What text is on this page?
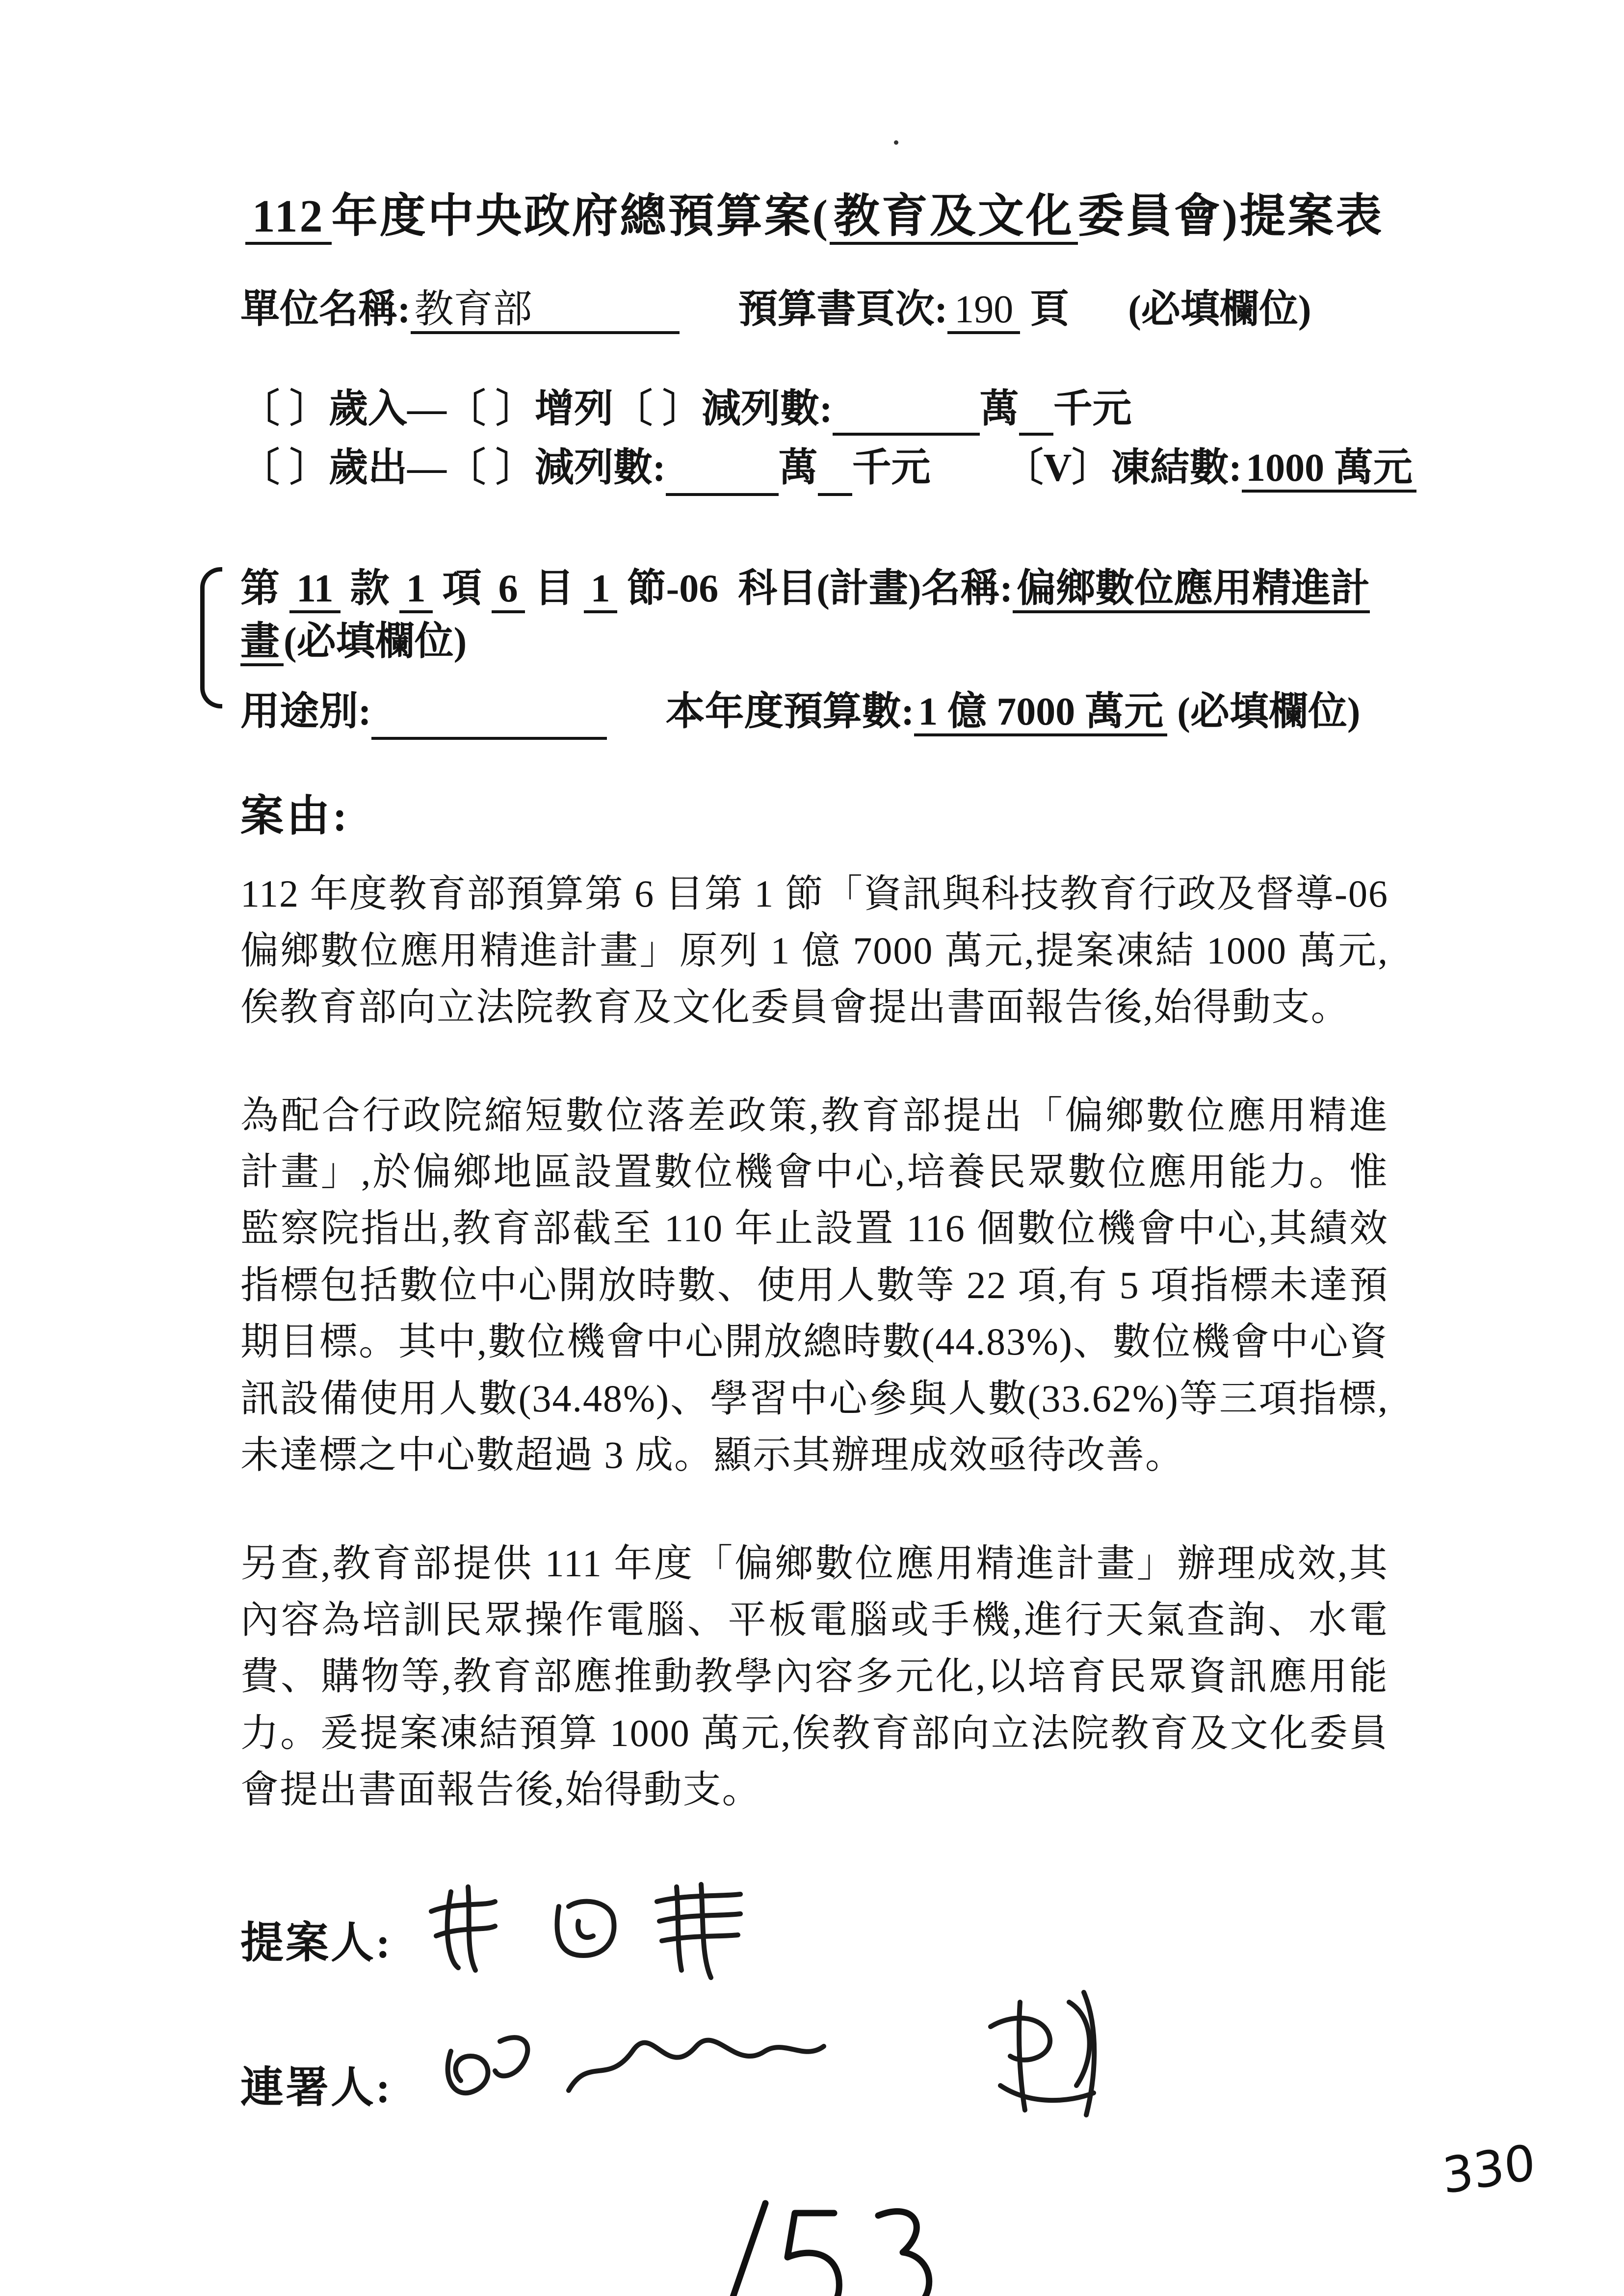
112 年度中央政府總預算案(教育及文化委員會)提案表
單位名稱: 教育部	預算書頁次: 190 頁 (必填欄位)
〔 〕歲入—〔 〕增列〔 〕減列數:	萬 千元
〔 〕歲出—〔 〕減列數:	萬 千元 〔V〕凍結數: 1000 萬元
第 11 款 1 項 6 目 1 節-06 科目(計畫)名稱: 偏鄉數位應用精進計畫 (必填欄位)
用途別:	本年度預算數: 1 億 7000 萬元 (必填欄位)
案由:

112 年度教育部預算第 6 目第 1 節「資訊與科技教育行政及督導-06 偏鄉數位應用精進計畫」原列 1 億 7000 萬元,提案凍結 1000 萬元,俟教育部向立法院教育及文化委員會提出書面報告後,始得動支。

為配合行政院縮短數位落差政策,教育部提出「偏鄉數位應用精進計畫」,於偏鄉地區設置數位機會中心,培養民眾數位應用能力。惟監察院指出,教育部截至 110 年止設置 116 個數位機會中心,其績效指標包括數位中心開放時數、使用人數等 22 項,有 5 項指標未達預期目標。其中,數位機會中心開放總時數(44.83%)、數位機會中心資訊設備使用人數(34.48%)、學習中心參與人數(33.62%)等三項指標,未達標之中心數超過 3 成。顯示其辦理成效亟待改善。

另查,教育部提供 111 年度「偏鄉數位應用精進計畫」辦理成效,其內容為培訓民眾操作電腦、平板電腦或手機,進行天氣查詢、水電費、購物等,教育部應推動教學內容多元化,以培育民眾資訊應用能力。爰提案凍結預算 1000 萬元,俟教育部向立法院教育及文化委員會提出書面報告後,始得動支。

提案人:
連署人:
330
